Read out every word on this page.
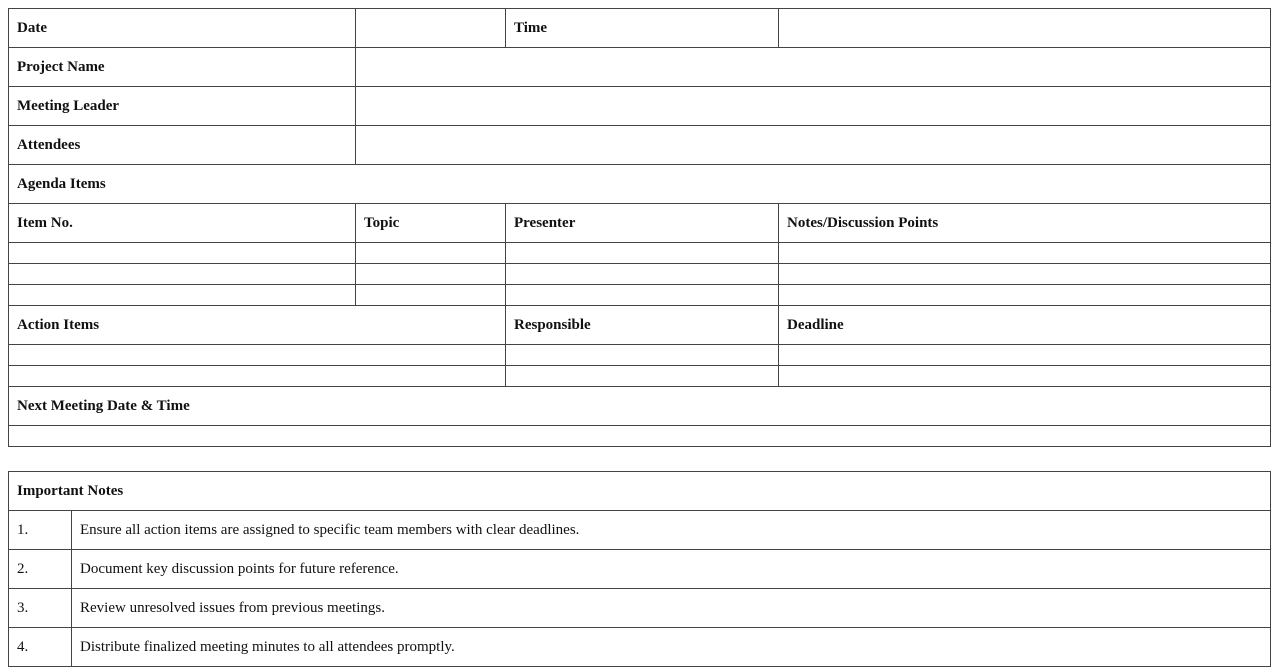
Date		Time	
Project Name			
Meeting Leader			
Attendees			
Agenda Items			
Item No.	Topic	Presenter	Notes/Discussion Points

Action Items		Responsible	Deadline

Next Meeting Date & Time			

Important Notes	
1.	Ensure all action items are assigned to specific team members with clear deadlines.
2.	Document key discussion points for future reference.
3.	Review unresolved issues from previous meetings.
4.	Distribute finalized meeting minutes to all attendees promptly.
